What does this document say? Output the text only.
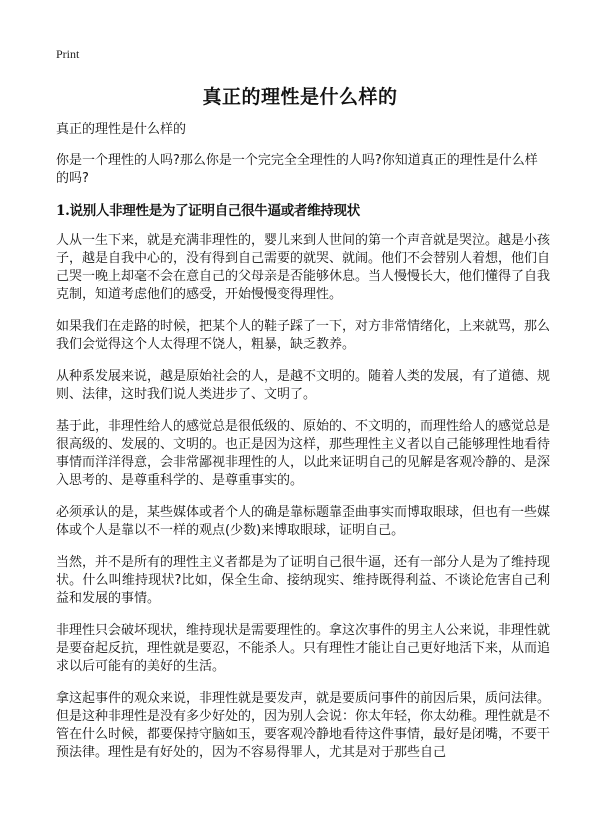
Print
真正的理性是什么样的

真正的理性是什么样的

你是一个理性的人吗?那么你是一个完完全全理性的人吗?你知道真正的理性是什么样的吗?

1.说别人非理性是为了证明自己很牛逼或者维持现状

人从一生下来，就是充满非理性的，婴儿来到人世间的第一个声音就是哭泣。越是小孩子，越是自我中心的，没有得到自己需要的就哭、就闹。他们不会替别人着想，他们自己哭一晚上却毫不会在意自己的父母亲是否能够休息。当人慢慢长大，他们懂得了自我克制，知道考虑他们的感受，开始慢慢变得理性。

如果我们在走路的时候，把某个人的鞋子踩了一下，对方非常情绪化，上来就骂，那么我们会觉得这个人太得理不饶人，粗暴，缺乏教养。

从种系发展来说，越是原始社会的人，是越不文明的。随着人类的发展，有了道德、规则、法律，这时我们说人类进步了、文明了。

基于此，非理性给人的感觉总是很低级的、原始的、不文明的，而理性给人的感觉总是很高级的、发展的、文明的。也正是因为这样，那些理性主义者以自己能够理性地看待事情而洋洋得意，会非常鄙视非理性的人，以此来证明自己的见解是客观冷静的、是深入思考的、是尊重科学的、是尊重事实的。

必须承认的是，某些媒体或者个人的确是靠标题靠歪曲事实而博取眼球，但也有一些媒体或个人是靠以不一样的观点(少数)来博取眼球，证明自己。

当然，并不是所有的理性主义者都是为了证明自己很牛逼，还有一部分人是为了维持现状。什么叫维持现状?比如，保全生命、接纳现实、维持既得利益、不谈论危害自己利益和发展的事情。

非理性只会破坏现状，维持现状是需要理性的。拿这次事件的男主人公来说，非理性就是要奋起反抗，理性就是要忍，不能杀人。只有理性才能让自己更好地活下来，从而追求以后可能有的美好的生活。

拿这起事件的观众来说，非理性就是要发声，就是要质问事件的前因后果，质问法律。但是这种非理性是没有多少好处的，因为别人会说：你太年轻，你太幼稚。理性就是不管在什么时候，都要保持守脑如玉，要客观冷静地看待这件事情，最好是闭嘴，不要干预法律。理性是有好处的，因为不容易得罪人，尤其是对于那些自己
